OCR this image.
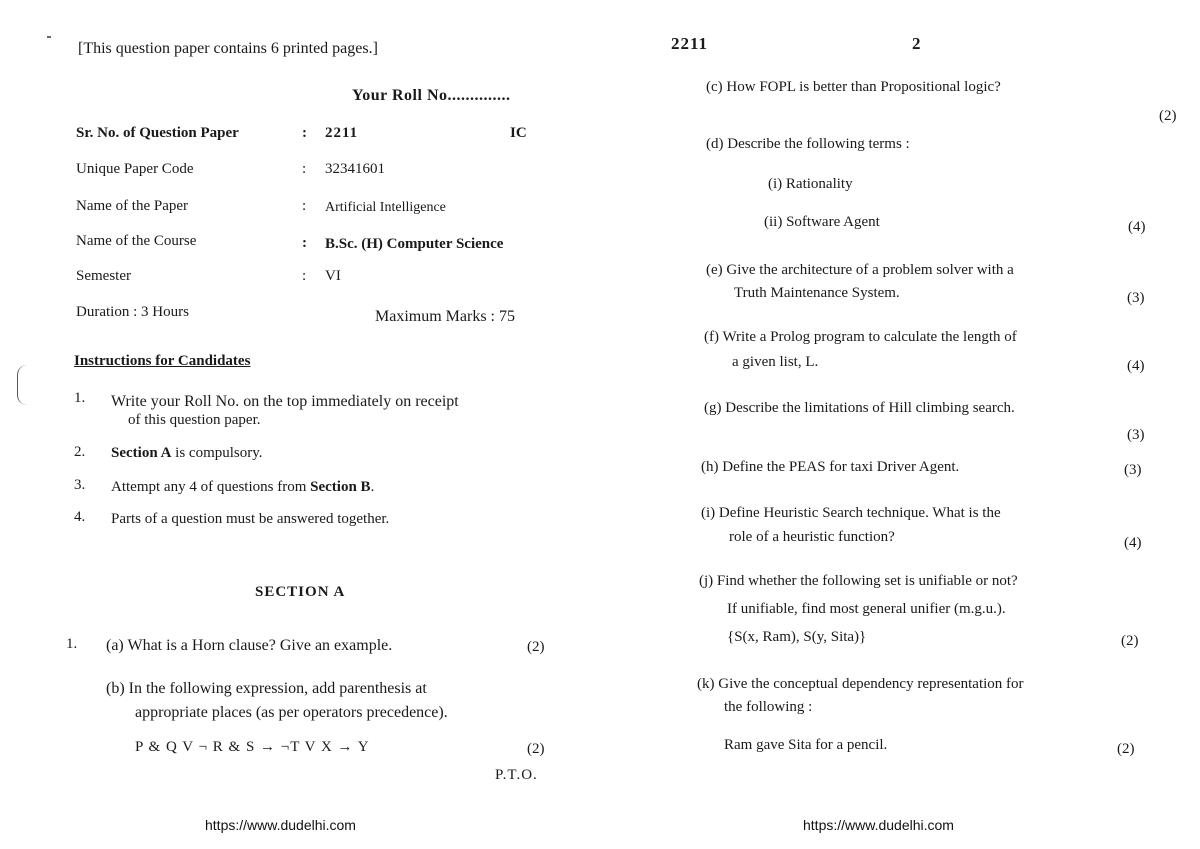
[This question paper contains 6 printed pages.]
Your Roll No..............
Sr. No. of Question Paper	: 2211	IC
Unique Paper Code	: 32341601
Name of the Paper	: Artificial Intelligence
Name of the Course	: B.Sc. (H) Computer Science
Semester	: VI
Duration : 3 Hours	Maximum Marks : 75
Instructions for Candidates
1. Write your Roll No. on the top immediately on receipt
of this question paper.
2. Section A is compulsory.
3. Attempt any 4 of questions from Section B.
4. Parts of a question must be answered together.
SECTION A
1. (a) What is a Horn clause? Give an example.	(2)
(b) In the following expression, add parenthesis at
appropriate places (as per operators precedence).
P & Q V ¬ R & S → ¬T V X → Y	(2)
P.T.O.
https://www.dudelhi.com
2211	2
(c) How FOPL is better than Propositional logic?
(2)
(d) Describe the following terms :
(i) Rationality
(ii) Software Agent	(4)
(e) Give the architecture of a problem solver with a
Truth Maintenance System.	(3)
(f) Write a Prolog program to calculate the length of
a given list, L.	(4)
(g) Describe the limitations of Hill climbing search.
(3)
(h) Define the PEAS for taxi Driver Agent.	(3)
(i) Define Heuristic Search technique. What is the
role of a heuristic function?	(4)
(j) Find whether the following set is unifiable or not?
If unifiable, find most general unifier (m.g.u.).
{S(x, Ram), S(y, Sita)}	(2)
(k) Give the conceptual dependency representation for
the following :
Ram gave Sita for a pencil.	(2)
https://www.dudelhi.com
